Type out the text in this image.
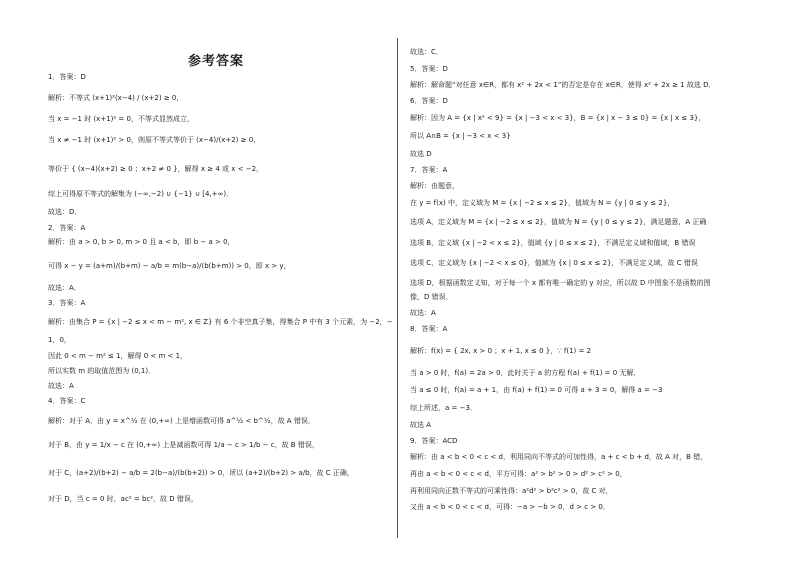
参考答案
1．答案：D
解析：不等式 (x+1)²(x−4) / (x+2) ≥ 0，
当 x = −1 时 (x+1)² = 0，不等式显然成立，
当 x ≠ −1 时 (x+1)² > 0，则原不等式等价于 (x−4)/(x+2) ≥ 0，
等价于 { (x−4)(x+2) ≥ 0 ；x+2 ≠ 0 }，解得 x ≥ 4 或 x < −2，
综上可得原不等式的解集为 (−∞,−2) ∪ {−1} ∪ [4,+∞)．
故选：D．
2．答案：A
解析：由 a > 0, b > 0, m > 0 且 a < b，即 b − a > 0，
可得 x − y = (a+m)/(b+m) − a/b = m(b−a)/(b(b+m)) > 0，即 x > y，
故选：A．
3．答案：A
解析：由集合 P = {x | −2 ≤ x < m − m², x ∈ Z} 有 6 个非空真子集，得集合 P 中有 3 个元素，为 −2，−
1，0，
因此 0 < m − m² ≤ 1，解得 0 < m < 1，
所以实数 m 的取值范围为 (0,1)．
故选：A
4．答案：C
解析：对于 A，由 y = x^½ 在 (0,+∞) 上是增函数可得 a^½ < b^½，故 A 错误，
对于 B，由 y = 1/x − c 在 (0,+∞) 上是减函数可得 1/a − c > 1/b − c，故 B 错误，
对于 C，(a+2)/(b+2) − a/b = 2(b−a)/(b(b+2)) > 0，所以 (a+2)/(b+2) > a/b，故 C 正确，
对于 D，当 c = 0 时，ac² = bc²，故 D 错误，
故选：C．
5．答案：D
解析：解命题“对任意 x∈R，都有 x² + 2x < 1”的否定是存在 x∈R，使得 x² + 2x ≥ 1 故选 D．
6．答案：D
解析：因为 A = {x | x² < 9} = {x | −3 < x < 3}，B = {x | x − 3 ≤ 0} = {x | x ≤ 3}，
所以 A∩B = {x | −3 < x < 3}
故选 D
7．答案：A
解析：由题意，
在 y = f(x) 中，定义域为 M = {x | −2 ≤ x ≤ 2}，值域为 N = {y | 0 ≤ y ≤ 2}，
选项 A，定义域为 M = {x | −2 ≤ x ≤ 2}，值域为 N = {y | 0 ≤ y ≤ 2}，满足题意，A 正确
选项 B，定义域 {x | −2 < x ≤ 2}，值域 {y | 0 ≤ x ≤ 2}，不满足定义域和值域，B 错误
选项 C，定义域为 {x | −2 < x ≤ 0}，值域为 {x | 0 ≤ x ≤ 2}，不满足定义域，故 C 错误
选项 D，根据函数定义知，对于每一个 x 都有唯一确定的 y 对应，所以故 D 中图象不是函数的图
像，D 错误．
故选：A
8．答案：A
解析：f(x) = { 2x, x > 0 ；x + 1, x ≤ 0 }，∵ f(1) = 2
当 a > 0 时，f(a) = 2a > 0，此时关于 a 的方程 f(a) + f(1) = 0 无解，
当 a ≤ 0 时，f(a) = a + 1，由 f(a) + f(1) = 0 可得 a + 3 = 0，解得 a = −3
综上所述，a = −3．
故选 A
9．答案：ACD
解析：由 a < b < 0 < c < d，利用同向不等式的可加性得，a + c < b + d，故 A 对，B 错，
再由 a < b < 0 < c < d，平方可得：a² > b² > 0 > d² > c² > 0，
再利用同向正数不等式的可乘性得：a²d² > b²c² > 0，故 C 对，
又由 a < b < 0 < c < d，可得：−a > −b > 0，d > c > 0．
